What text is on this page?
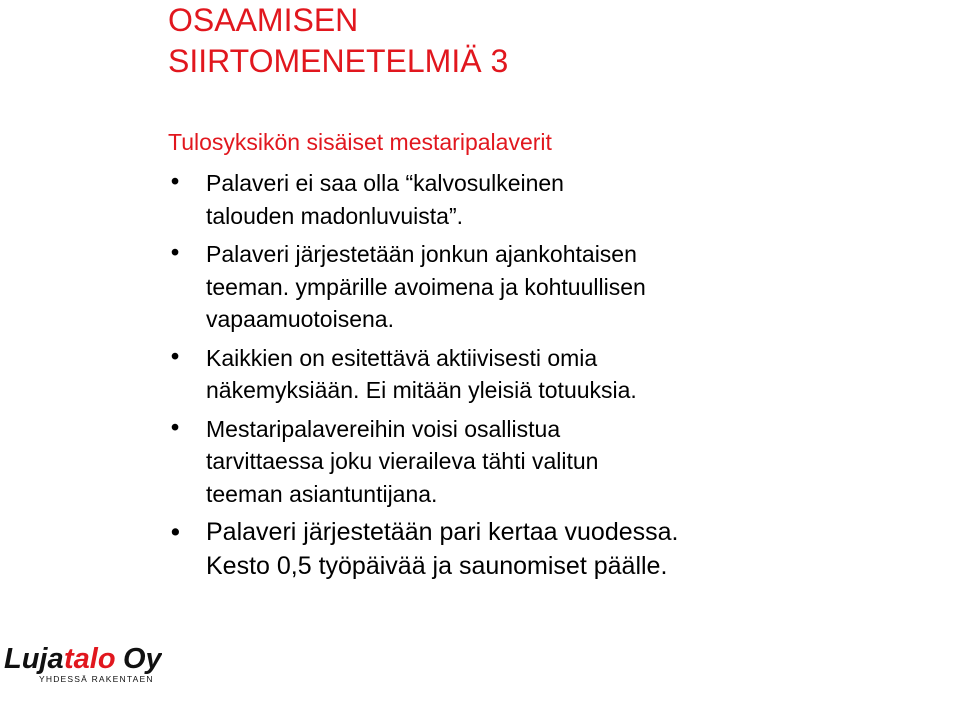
OSAAMISEN
SIIRTOMENETELMIÄ 3
Tulosyksikön sisäiset mestaripalaverit
• Palaveri ei saa olla “kalvosulkeinen
talouden madonluvuista”.
• Palaveri järjestetään jonkun ajankohtaisen
teeman. ympärille avoimena ja kohtuullisen
vapaamuotoisena.
• Kaikkien on esitettävä aktiivisesti omia
näkemyksiään. Ei mitään yleisiä totuuksia.
• Mestaripalavereihin voisi osallistua
tarvittaessa joku vieraileva tähti valitun
teeman asiantuntijana.
• Palaveri järjestetään pari kertaa vuodessa.
Kesto 0,5 työpäivää ja saunomiset päälle.
Luja talo Oy
YHDESSÄ RAKENTAEN
